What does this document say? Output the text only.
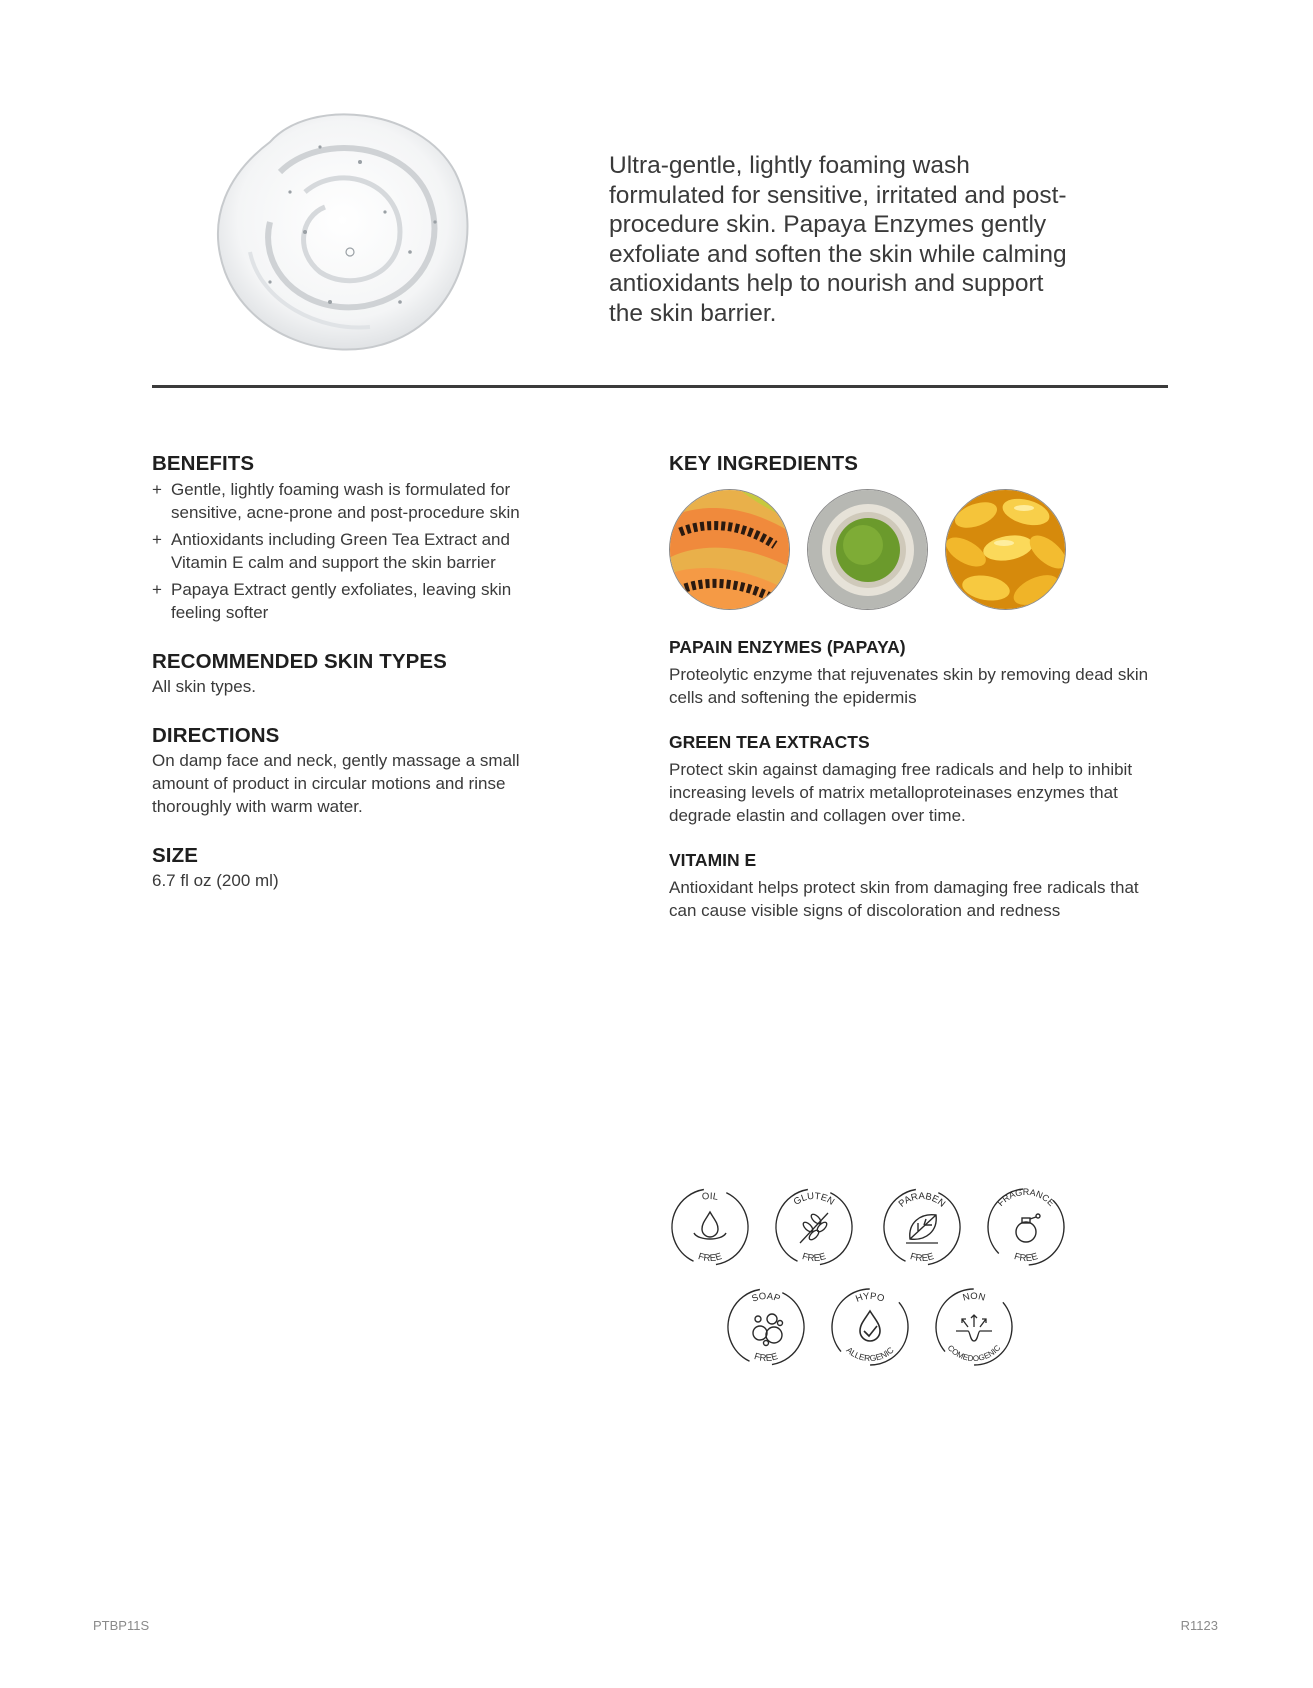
Ultra-gentle, lightly foaming wash formulated for sensitive, irritated and post-procedure skin. Papaya Enzymes gently exfoliate and soften the skin while calming antioxidants help to nourish and support the skin barrier.

BENEFITS
+ Gentle, lightly foaming wash is formulated for sensitive, acne-prone and post-procedure skin
+ Antioxidants including Green Tea Extract and Vitamin E calm and support the skin barrier
+ Papaya Extract gently exfoliates, leaving skin feeling softer
RECOMMENDED SKIN TYPES

All skin types.

DIRECTIONS

On damp face and neck, gently massage a small amount of product in circular motions and rinse thoroughly with warm water.

SIZE

6.7 fl oz (200 ml)

KEY INGREDIENTS
PAPAIN ENZYMES (PAPAYA)

Proteolytic enzyme that rejuvenates skin by removing dead skin cells and softening the epidermis

GREEN TEA EXTRACTS

Protect skin against damaging free radicals and help to inhibit increasing levels of matrix metalloproteinases enzymes that degrade elastin and collagen over time.

VITAMIN E

Antioxidant helps protect skin from damaging free radicals that can cause visible signs of discoloration and redness

OIL
FREE
GLUTEN
FREE
PARABEN
FREE
FRAGRANCE
FREE
SOAP
FREE
HYPO
ALLERGENIC
NON
COMEDOGENIC
PTBP11S	R1123
